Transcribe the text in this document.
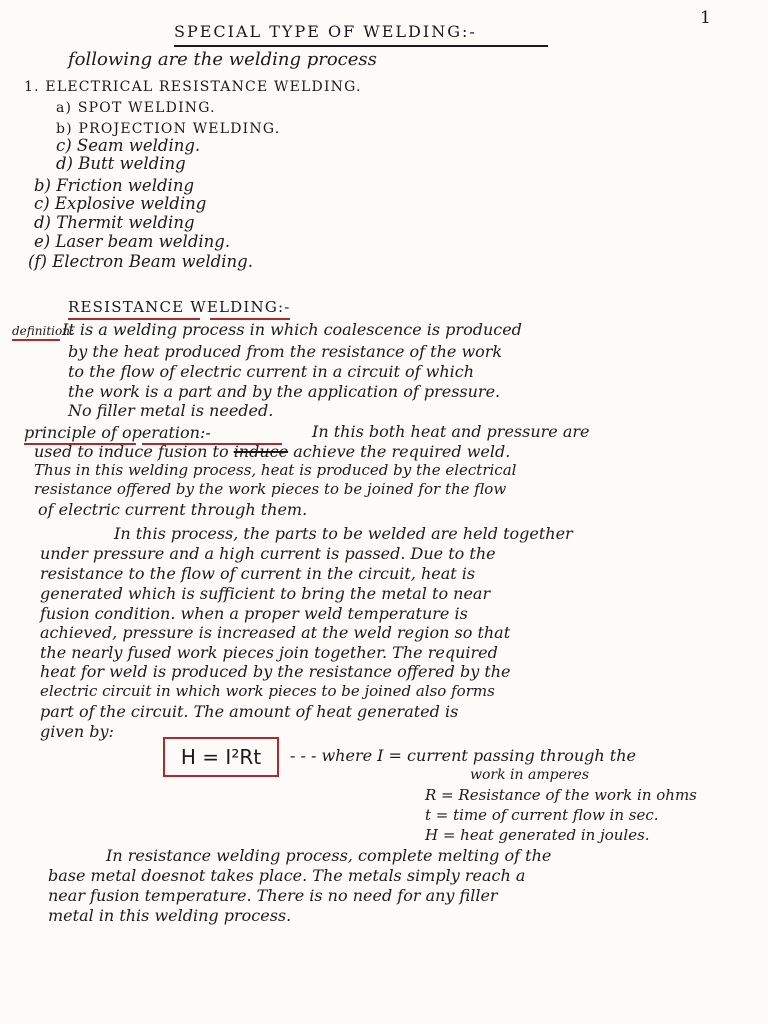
1
SPECIAL TYPE OF WELDING:-
following are the welding process
1. ELECTRICAL RESISTANCE WELDING.
a) SPOT WELDING.
b) PROJECTION WELDING.
c) Seam welding.
d) Butt welding
b) Friction welding
c) Explosive welding
d) Thermit welding
e) Laser beam welding.
(f) Electron Beam welding.
RESISTANCE WELDING:-
definition:
It is a welding process in which coalescence is produced
by the heat produced from the resistance of the work
to the flow of electric current in a circuit of which
the work is a part and by the application of pressure.
No filler metal is needed.
principle of operation:-	In this both heat and pressure are
used to induce fusion to induce achieve the required weld.
Thus in this welding process, heat is produced by the electrical
resistance offered by the work pieces to be joined for the flow
of electric current through them.
In this process, the parts to be welded are held together
under pressure and a high current is passed. Due to the
resistance to the flow of current in the circuit, heat is
generated which is sufficient to bring the metal to near
fusion condition. when a proper weld temperature is
achieved, pressure is increased at the weld region so that
the nearly fused work pieces join together. The required
heat for weld is produced by the resistance offered by the
electric circuit in which work pieces to be joined also forms
part of the circuit. The amount of heat generated is
given by:
H = I²Rt - - - where I = current passing through the
work in amperes
R = Resistance of the work in ohms
t = time of current flow in sec.
H = heat generated in joules.
In resistance welding process, complete melting of the
base metal doesnot takes place. The metals simply reach a
near fusion temperature. There is no need for any filler
metal in this welding process.
